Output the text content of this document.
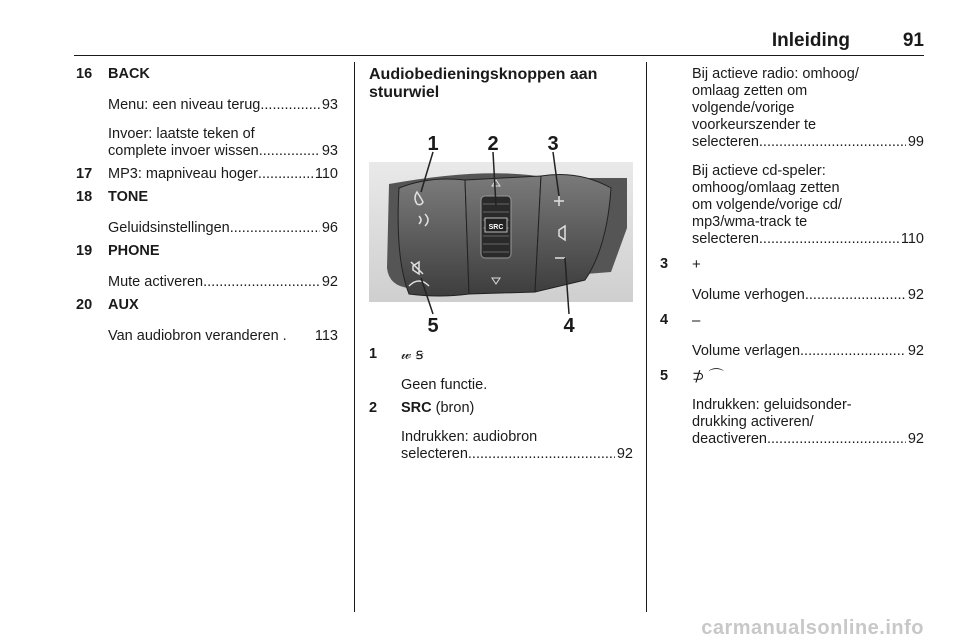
Inleiding	91
16 BACK
Menu: een niveau terug .....	93
Invoer: laatste teken of
complete invoer wissen .....	93
17 MP3: mapniveau hoger .....	110
18 TONE
Geluidsinstellingen .....	96
19 PHONE
Mute activeren .....	92
20 AUX
Van audiobron veranderen . 113
Audiobedieningsknoppen aan
stuurwiel
SRC
1 2 3
4
5
1 𝓌 ꞩ
Geen functie.
2 SRC (bron)
Indrukken: audiobron
selecteren .....	92
Bij actieve radio: omhoog/
omlaag zetten om
volgende/vorige
voorkeurszender te
selecteren .....	99
Bij actieve cd-speler:
omhoog/omlaag zetten
om volgende/vorige cd/
mp3/wma-track te
selecteren .....	110
3 +
Volume verhogen .....	92
4 –
Volume verlagen .....	92
5 ⊅ ⌒
Indrukken: geluidsonder-
drukking activeren/
deactiveren .....	92
carmanualsonline.info
